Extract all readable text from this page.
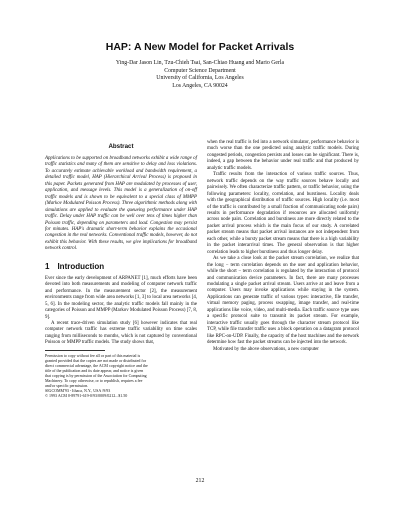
HAP: A New Model for Packet Arrivals
Ying-Dar Jason Lin, Tzu-Chieh Tsai, San-Chiao Huang and Mario Gerla
Computer Science Department
University of California, Los Angeles
Los Angeles, CA 90024
Abstract
Applications to be supported on broadband networks exhibit a wide range of traffic statistics and many of them are sensitive to delay and loss violations. To accurately estimate achievable workload and bandwidth requirement, a detailed traffic model, HAP (Hierarchical Arrival Process) is proposed in this paper. Packets generated from HAP are modulated by processes of user, application, and message levels. This model is a generalization of on-off traffic models and is shown to be equivalent to a special class of MMPP (Markov Modulated Poisson Process). Three algorithmic methods along with simulations are applied to evaluate the queueing performance under HAP traffic. Delay under HAP traffic can be well over tens of times higher than Poisson traffic, depending on parameters and load. Congestion may persist for minutes. HAP's dramatic short-term behavior explains the occasional congestion in the real networks. Conventional traffic models, however, do not exhibit this behavior. With these results, we give implications for broadband network control.
1 Introduction

Ever since the early development of ARPANET [1], much efforts have been devoted into both measurements and modeling of computer network traffic and performance. In the measurement sector [2], the measurement environments range from wide area networks [1, 3] to local area networks [4, 5, 6]. In the modeling sector, the analytic traffic models fall mainly in the categories of Poisson and MMPP (Markov Modulated Poisson Process) [7, 8, 9].

A recent trace-driven simulation study [6] however indicates that real computer network traffic has extreme traffic variability on time scales ranging from milliseconds to months, which is not captured by conventional Poisson or MMPP traffic models. The study shows that,

Permission to copy without fee all or part of this material is
granted provided that the copies are not made or distributed for
direct commercial advantage, the ACM copyright notice and the
title of the publication and its date appear, and notice is given
that copying is by permission of the Association for Computing
Machinery. To copy otherwise, or to republish, requires a fee
and/or specific permission.
SIGCOMM'93 - Ithaca, N.Y., USA /9/93
© 1993 ACM 0-89791-619-0/93/0009/0212...$1.50

when the real traffic is fed into a network simulator, performance behavior is much worse than the one predicted using analytic traffic models. During congested periods, congestion persists and losses can be significant. There is, indeed, a gap between the behavior under real traffic and that produced by analytic traffic models.

Traffic results from the interaction of various traffic sources. Thus, network traffic depends on the way traffic sources behave locally and pairwisely. We often characterize traffic pattern, or traffic behavior, using the following parameters: locality, correlation, and burstiness. Locality deals with the geographical distribution of traffic sources. High locality (i.e. most of the traffic is contributed by a small fraction of communicating node pairs) results in performance degradation if resources are allocated uniformly across node pairs. Correlation and burstiness are more directly related to the packet arrival process which is the main focus of our study. A correlated packet stream means that packet arrival instances are not independent from each other, while a bursty packet stream means that there is a high variability in the packet interarrival times. The general observation is that higher correlation leads to higher burstiness and thus longer delay.

As we take a close look at the packet stream correlation, we realize that the long − term correlation depends on the user and application behavior, while the short − term correlation is regulated by the interaction of protocol and communication device parameters. In fact, there are many processes modulating a single packet arrival stream. Users arrive at and leave from a computer. Users may invoke applications while staying in the system. Applications can generate traffic of various types: interactive, file transfer, virtual memory paging, process swapping, image transfer, and real-time applications like voice, video, and multi-media. Each traffic source type uses a specific protocol suite to transmit its packet stream. For example, interactive traffic usually goes through the character stream protocol like TCP, while file transfer traffic uses a block operation on a datagram protocol like RPC-on-UDP. Finally, the capacity of the host machines and the network determine how fast the packet streams can be injected into the network.

Motivated by the above observations, a new computer

212
